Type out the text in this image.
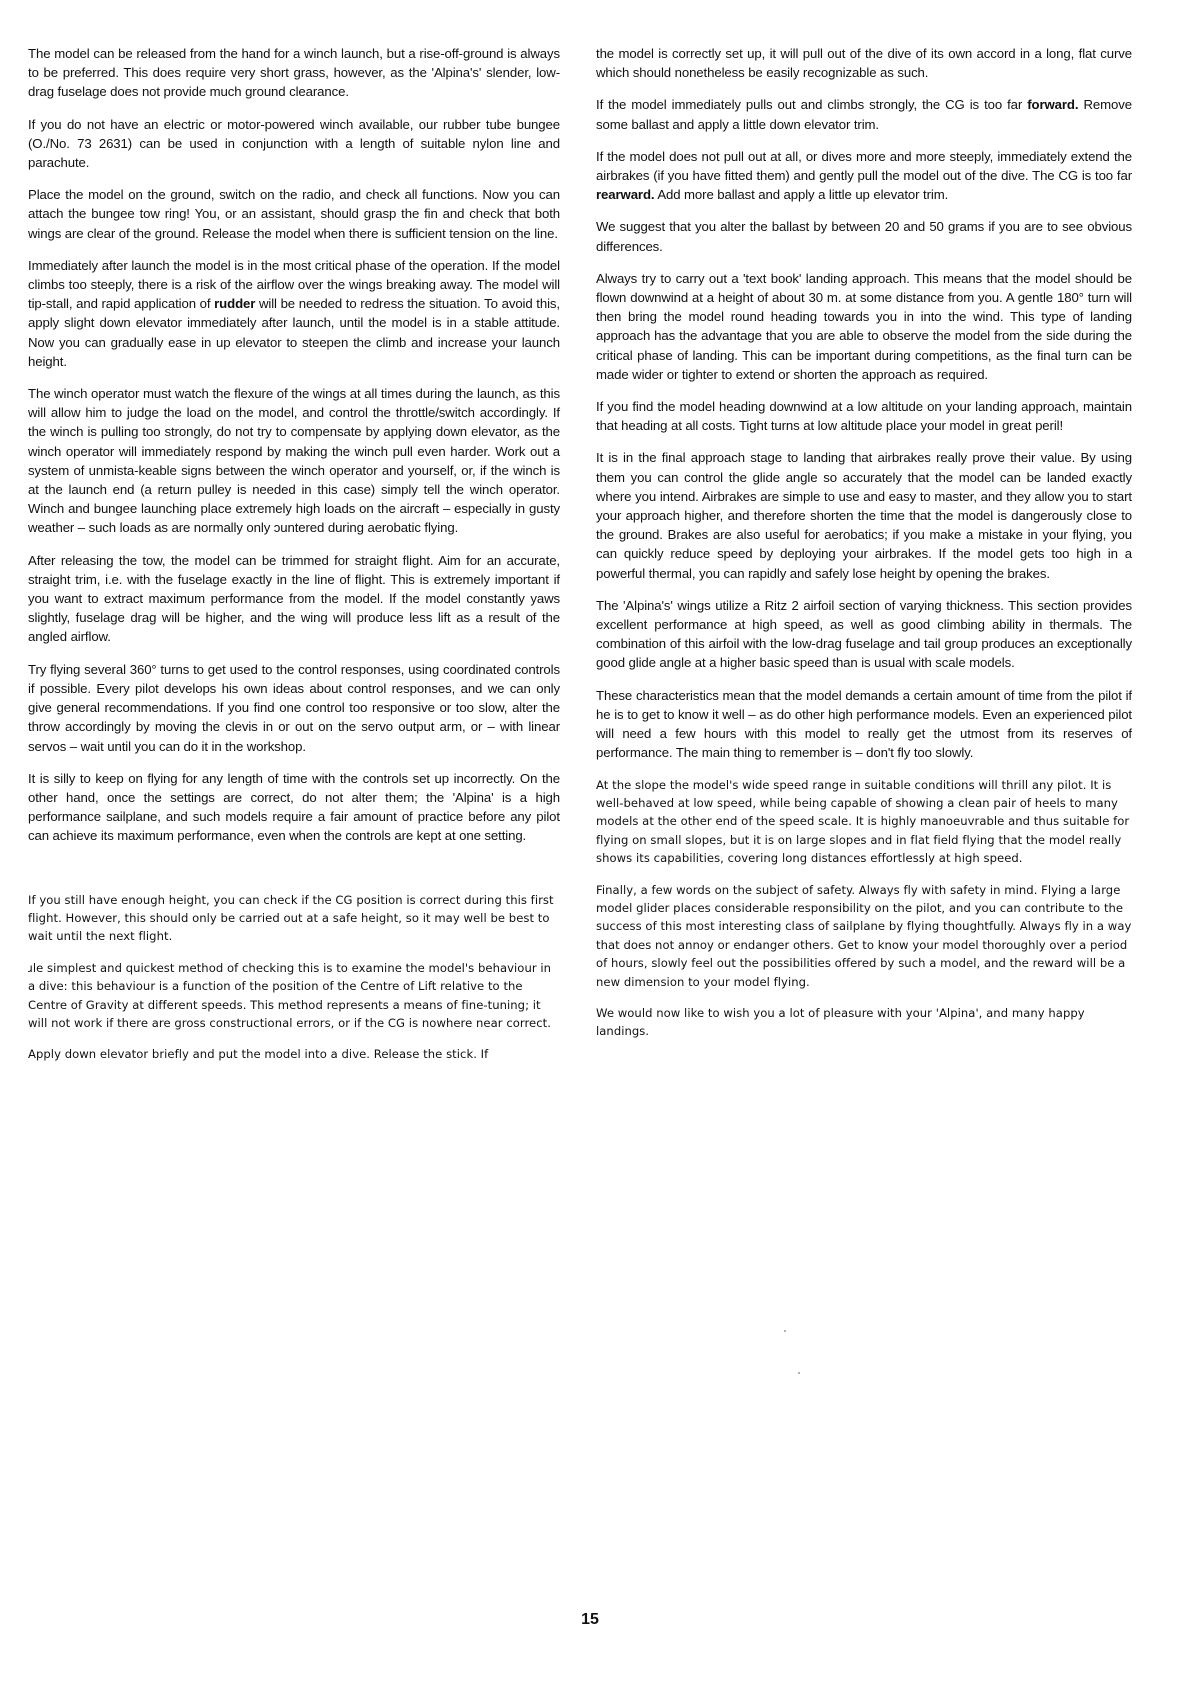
The model can be released from the hand for a winch launch, but a rise-off-ground is always to be preferred. This does require very short grass, however, as the 'Alpina's' slender, low-drag fuselage does not provide much ground clearance.

If you do not have an electric or motor-powered winch available, our rubber tube bungee (O./No. 73 2631) can be used in conjunction with a length of suitable nylon line and parachute.

Place the model on the ground, switch on the radio, and check all functions. Now you can attach the bungee tow ring! You, or an assistant, should grasp the fin and check that both wings are clear of the ground. Release the model when there is sufficient tension on the line.

Immediately after launch the model is in the most critical phase of the operation. If the model climbs too steeply, there is a risk of the airflow over the wings breaking away. The model will tip-stall, and rapid application of rudder will be needed to redress the situation. To avoid this, apply slight down elevator immediately after launch, until the model is in a stable attitude. Now you can gradually ease in up elevator to steepen the climb and increase your launch height.

The winch operator must watch the flexure of the wings at all times during the launch, as this will allow him to judge the load on the model, and control the throttle/switch accordingly. If the winch is pulling too strongly, do not try to compensate by applying down elevator, as the winch operator will immediately respond by making the winch pull even harder. Work out a system of unmista-keable signs between the winch operator and yourself, or, if the winch is at the launch end (a return pulley is needed in this case) simply tell the winch operator. Winch and bungee launching place extremely high loads on the aircraft – especially in gusty weather – such loads as are normally only ɔuntered during aerobatic flying.

After releasing the tow, the model can be trimmed for straight flight. Aim for an accurate, straight trim, i.e. with the fuselage exactly in the line of flight. This is extremely important if you want to extract maximum performance from the model. If the model constantly yaws slightly, fuselage drag will be higher, and the wing will produce less lift as a result of the angled airflow.

Try flying several 360° turns to get used to the control responses, using coordinated controls if possible. Every pilot develops his own ideas about control responses, and we can only give general recommendations. If you find one control too responsive or too slow, alter the throw accordingly by moving the clevis in or out on the servo output arm, or – with linear servos – wait until you can do it in the workshop.

It is silly to keep on flying for any length of time with the controls set up incorrectly. On the other hand, once the settings are correct, do not alter them; the 'Alpina' is a high performance sailplane, and such models require a fair amount of practice before any pilot can achieve its maximum performance, even when the controls are kept at one setting.

If you still have enough height, you can check if the CG position is correct during this first flight. However, this should only be carried out at a safe height, so it may well be best to wait until the next flight.

ɹle simplest and quickest method of checking this is to examine the model's behaviour in a dive: this behaviour is a function of the position of the Centre of Lift relative to the Centre of Gravity at different speeds. This method represents a means of fine-tuning; it will not work if there are gross constructional errors, or if the CG is nowhere near correct.

Apply down elevator briefly and put the model into a dive. Release the stick. If

the model is correctly set up, it will pull out of the dive of its own accord in a long, flat curve which should nonetheless be easily recognizable as such.

If the model immediately pulls out and climbs strongly, the CG is too far forward. Remove some ballast and apply a little down elevator trim.

If the model does not pull out at all, or dives more and more steeply, immediately extend the airbrakes (if you have fitted them) and gently pull the model out of the dive. The CG is too far rearward. Add more ballast and apply a little up elevator trim.

We suggest that you alter the ballast by between 20 and 50 grams if you are to see obvious differences.

Always try to carry out a 'text book' landing approach. This means that the model should be flown downwind at a height of about 30 m. at some distance from you. A gentle 180° turn will then bring the model round heading towards you in into the wind. This type of landing approach has the advantage that you are able to observe the model from the side during the critical phase of landing. This can be important during competitions, as the final turn can be made wider or tighter to extend or shorten the approach as required.

If you find the model heading downwind at a low altitude on your landing approach, maintain that heading at all costs. Tight turns at low altitude place your model in great peril!

It is in the final approach stage to landing that airbrakes really prove their value. By using them you can control the glide angle so accurately that the model can be landed exactly where you intend. Airbrakes are simple to use and easy to master, and they allow you to start your approach higher, and therefore shorten the time that the model is dangerously close to the ground. Brakes are also useful for aerobatics; if you make a mistake in your flying, you can quickly reduce speed by deploying your airbrakes. If the model gets too high in a powerful thermal, you can rapidly and safely lose height by opening the brakes.

The 'Alpina's' wings utilize a Ritz 2 airfoil section of varying thickness. This section provides excellent performance at high speed, as well as good climbing ability in thermals. The combination of this airfoil with the low-drag fuselage and tail group produces an exceptionally good glide angle at a higher basic speed than is usual with scale models.

These characteristics mean that the model demands a certain amount of time from the pilot if he is to get to know it well – as do other high performance models. Even an experienced pilot will need a few hours with this model to really get the utmost from its reserves of performance. The main thing to remember is – don't fly too slowly.

At the slope the model's wide speed range in suitable conditions will thrill any pilot. It is well-behaved at low speed, while being capable of showing a clean pair of heels to many models at the other end of the speed scale. It is highly manoeuvrable and thus suitable for flying on small slopes, but it is on large slopes and in flat field flying that the model really shows its capabilities, covering long distances effortlessly at high speed.

Finally, a few words on the subject of safety. Always fly with safety in mind. Flying a large model glider places considerable responsibility on the pilot, and you can contribute to the success of this most interesting class of sailplane by flying thoughtfully. Always fly in a way that does not annoy or endanger others. Get to know your model thoroughly over a period of hours, slowly feel out the possibilities offered by such a model, and the reward will be a new dimension to your model flying.

We would now like to wish you a lot of pleasure with your 'Alpina', and many happy landings.

15
